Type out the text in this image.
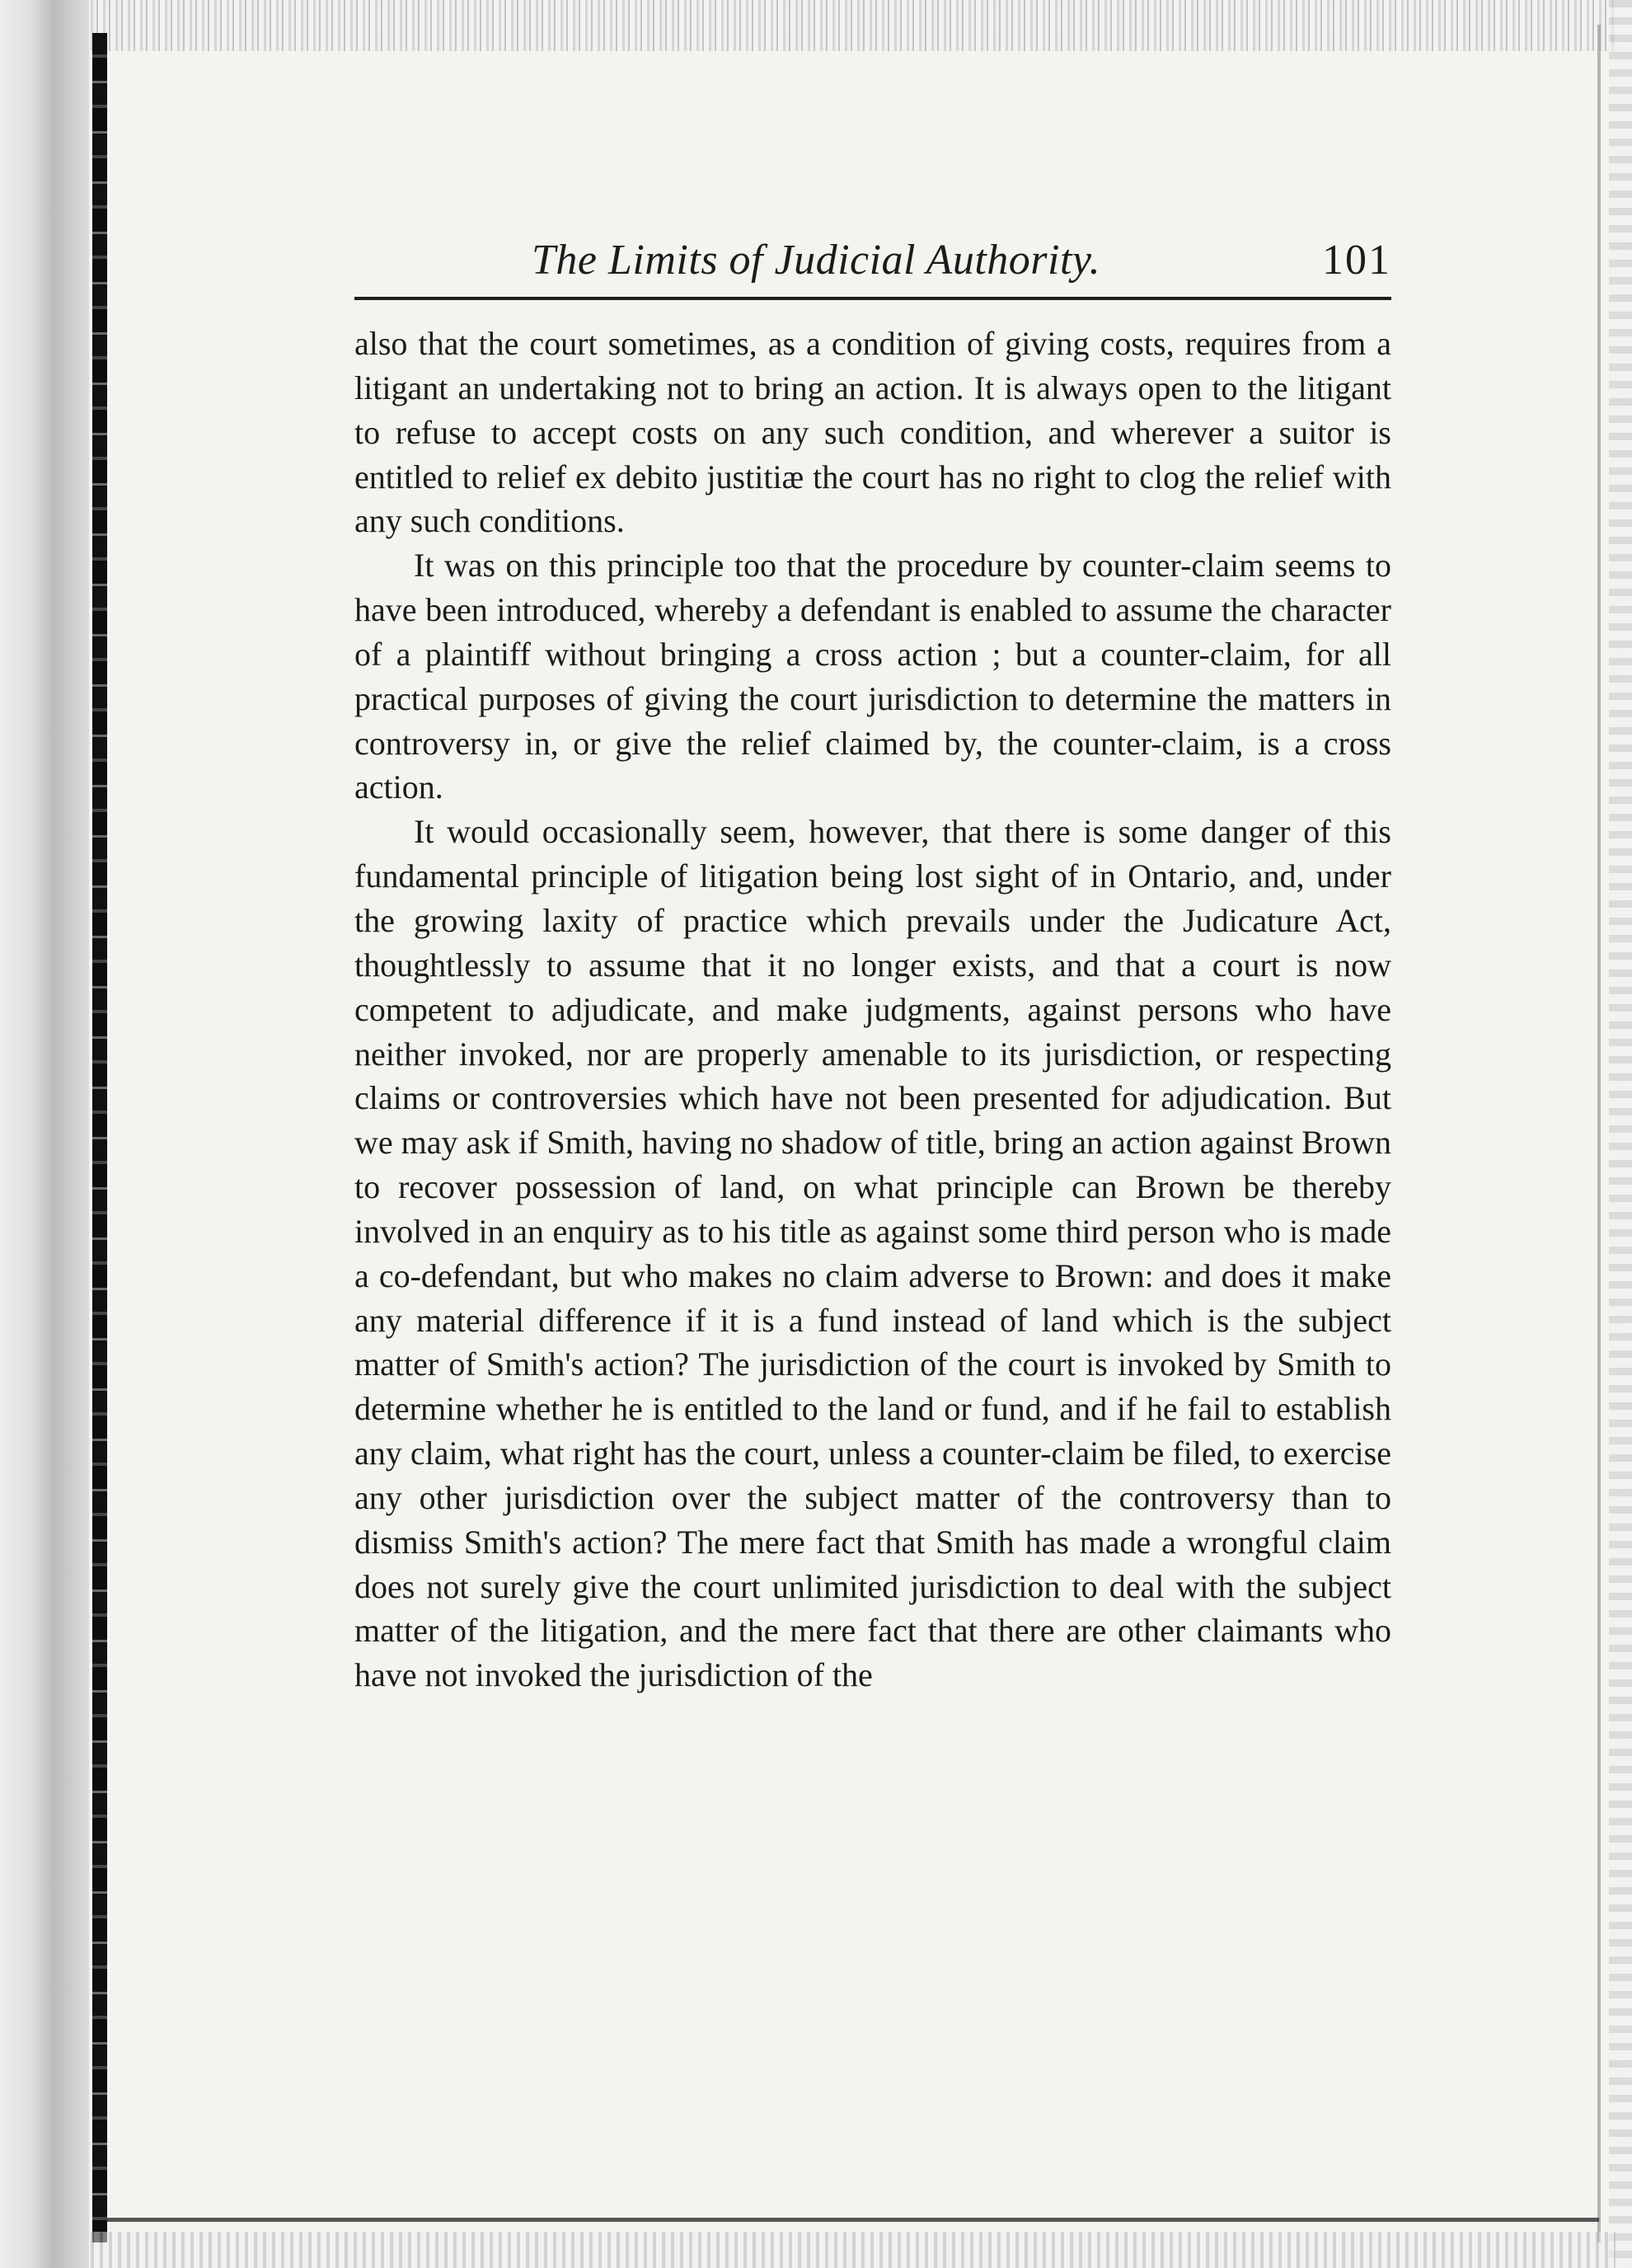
The Limits of Judicial Authority.	101

also that the court sometimes, as a condition of giving costs, requires from a litigant an undertaking not to bring an action. It is always open to the litigant to refuse to accept costs on any such condition, and wherever a suitor is entitled to relief ex debito justitiæ the court has no right to clog the relief with any such conditions.

It was on this principle too that the procedure by counter-claim seems to have been introduced, whereby a defendant is enabled to assume the character of a plaintiff without bringing a cross action ; but a counter-claim, for all practical purposes of giving the court jurisdiction to determine the matters in controversy in, or give the relief claimed by, the counter-claim, is a cross action.

It would occasionally seem, however, that there is some danger of this fundamental principle of litigation being lost sight of in Ontario, and, under the growing laxity of practice which prevails under the Judicature Act, thoughtlessly to assume that it no longer exists, and that a court is now competent to adjudicate, and make judgments, against persons who have neither invoked, nor are properly amenable to its jurisdiction, or respecting claims or controversies which have not been presented for adjudication. But we may ask if Smith, having no shadow of title, bring an action against Brown to recover possession of land, on what principle can Brown be thereby involved in an enquiry as to his title as against some third person who is made a co-defendant, but who makes no claim adverse to Brown: and does it make any material difference if it is a fund instead of land which is the subject matter of Smith's action? The jurisdiction of the court is invoked by Smith to determine whether he is entitled to the land or fund, and if he fail to establish any claim, what right has the court, unless a counter-claim be filed, to exercise any other jurisdiction over the subject matter of the controversy than to dismiss Smith's action? The mere fact that Smith has made a wrongful claim does not surely give the court unlimited jurisdiction to deal with the subject matter of the litigation, and the mere fact that there are other claimants who have not invoked the jurisdiction of the
